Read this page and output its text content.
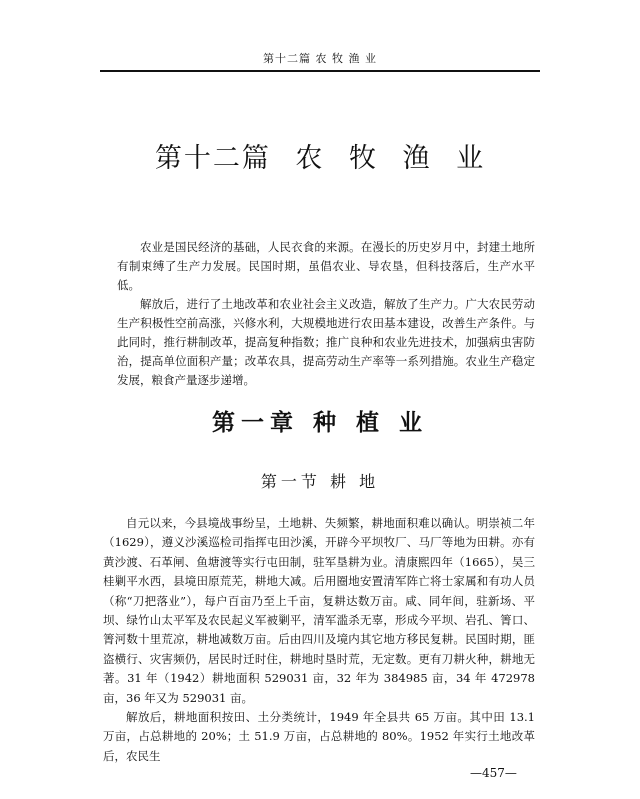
第十二篇 农 牧 渔 业
第十二篇 农 牧 渔 业

农业是国民经济的基础，人民衣食的来源。在漫长的历史岁月中，封建土地所有制束缚了生产力发展。民国时期，虽倡农业、导农垦，但科技落后，生产水平低。

解放后，进行了土地改革和农业社会主义改造，解放了生产力。广大农民劳动生产积极性空前高涨，兴修水利，大规模地进行农田基本建设，改善生产条件。与此同时，推行耕制改革，提高复种指数；推广良种和农业先进技术，加强病虫害防治，提高单位面积产量；改革农具，提高劳动生产率等一系列措施。农业生产稳定发展，粮食产量逐步递增。

第一章 种 植 业
第一节 耕 地

自元以来，今县境战事纷呈，土地耕、失频繁，耕地面积难以确认。明崇祯二年（1629），遵义沙溪巡检司指挥屯田沙溪，开辟今平坝牧厂、马厂等地为田耕。亦有黄沙渡、石革闸、鱼塘渡等实行屯田制，驻军垦耕为业。清康熙四年（1665），吴三桂剿平水西，县境田原荒芜，耕地大减。后用圈地安置清军阵亡将士家属和有功人员（称“刀把落业”），每户百亩乃至上千亩，复耕达数万亩。咸、同年间，驻新场、平坝、绿竹山太平军及农民起义军被剿平，清军滥杀无辜，形成今平坝、岩孔、箐口、箐河数十里荒凉，耕地减数万亩。后由四川及境内其它地方移民复耕。民国时期，匪盗横行、灾害频仍，居民时迁时住，耕地时垦时荒，无定数。更有刀耕火种，耕地无著。31 年（1942）耕地面积 529031 亩，32 年为 384985 亩，34 年 472978 亩，36 年又为 529031 亩。

解放后，耕地面积按田、土分类统计，1949 年全县共 65 万亩。其中田 13.1 万亩，占总耕地的 20%；土 51.9 万亩，占总耕地的 80%。1952 年实行土地改革后，农民生

—457—
